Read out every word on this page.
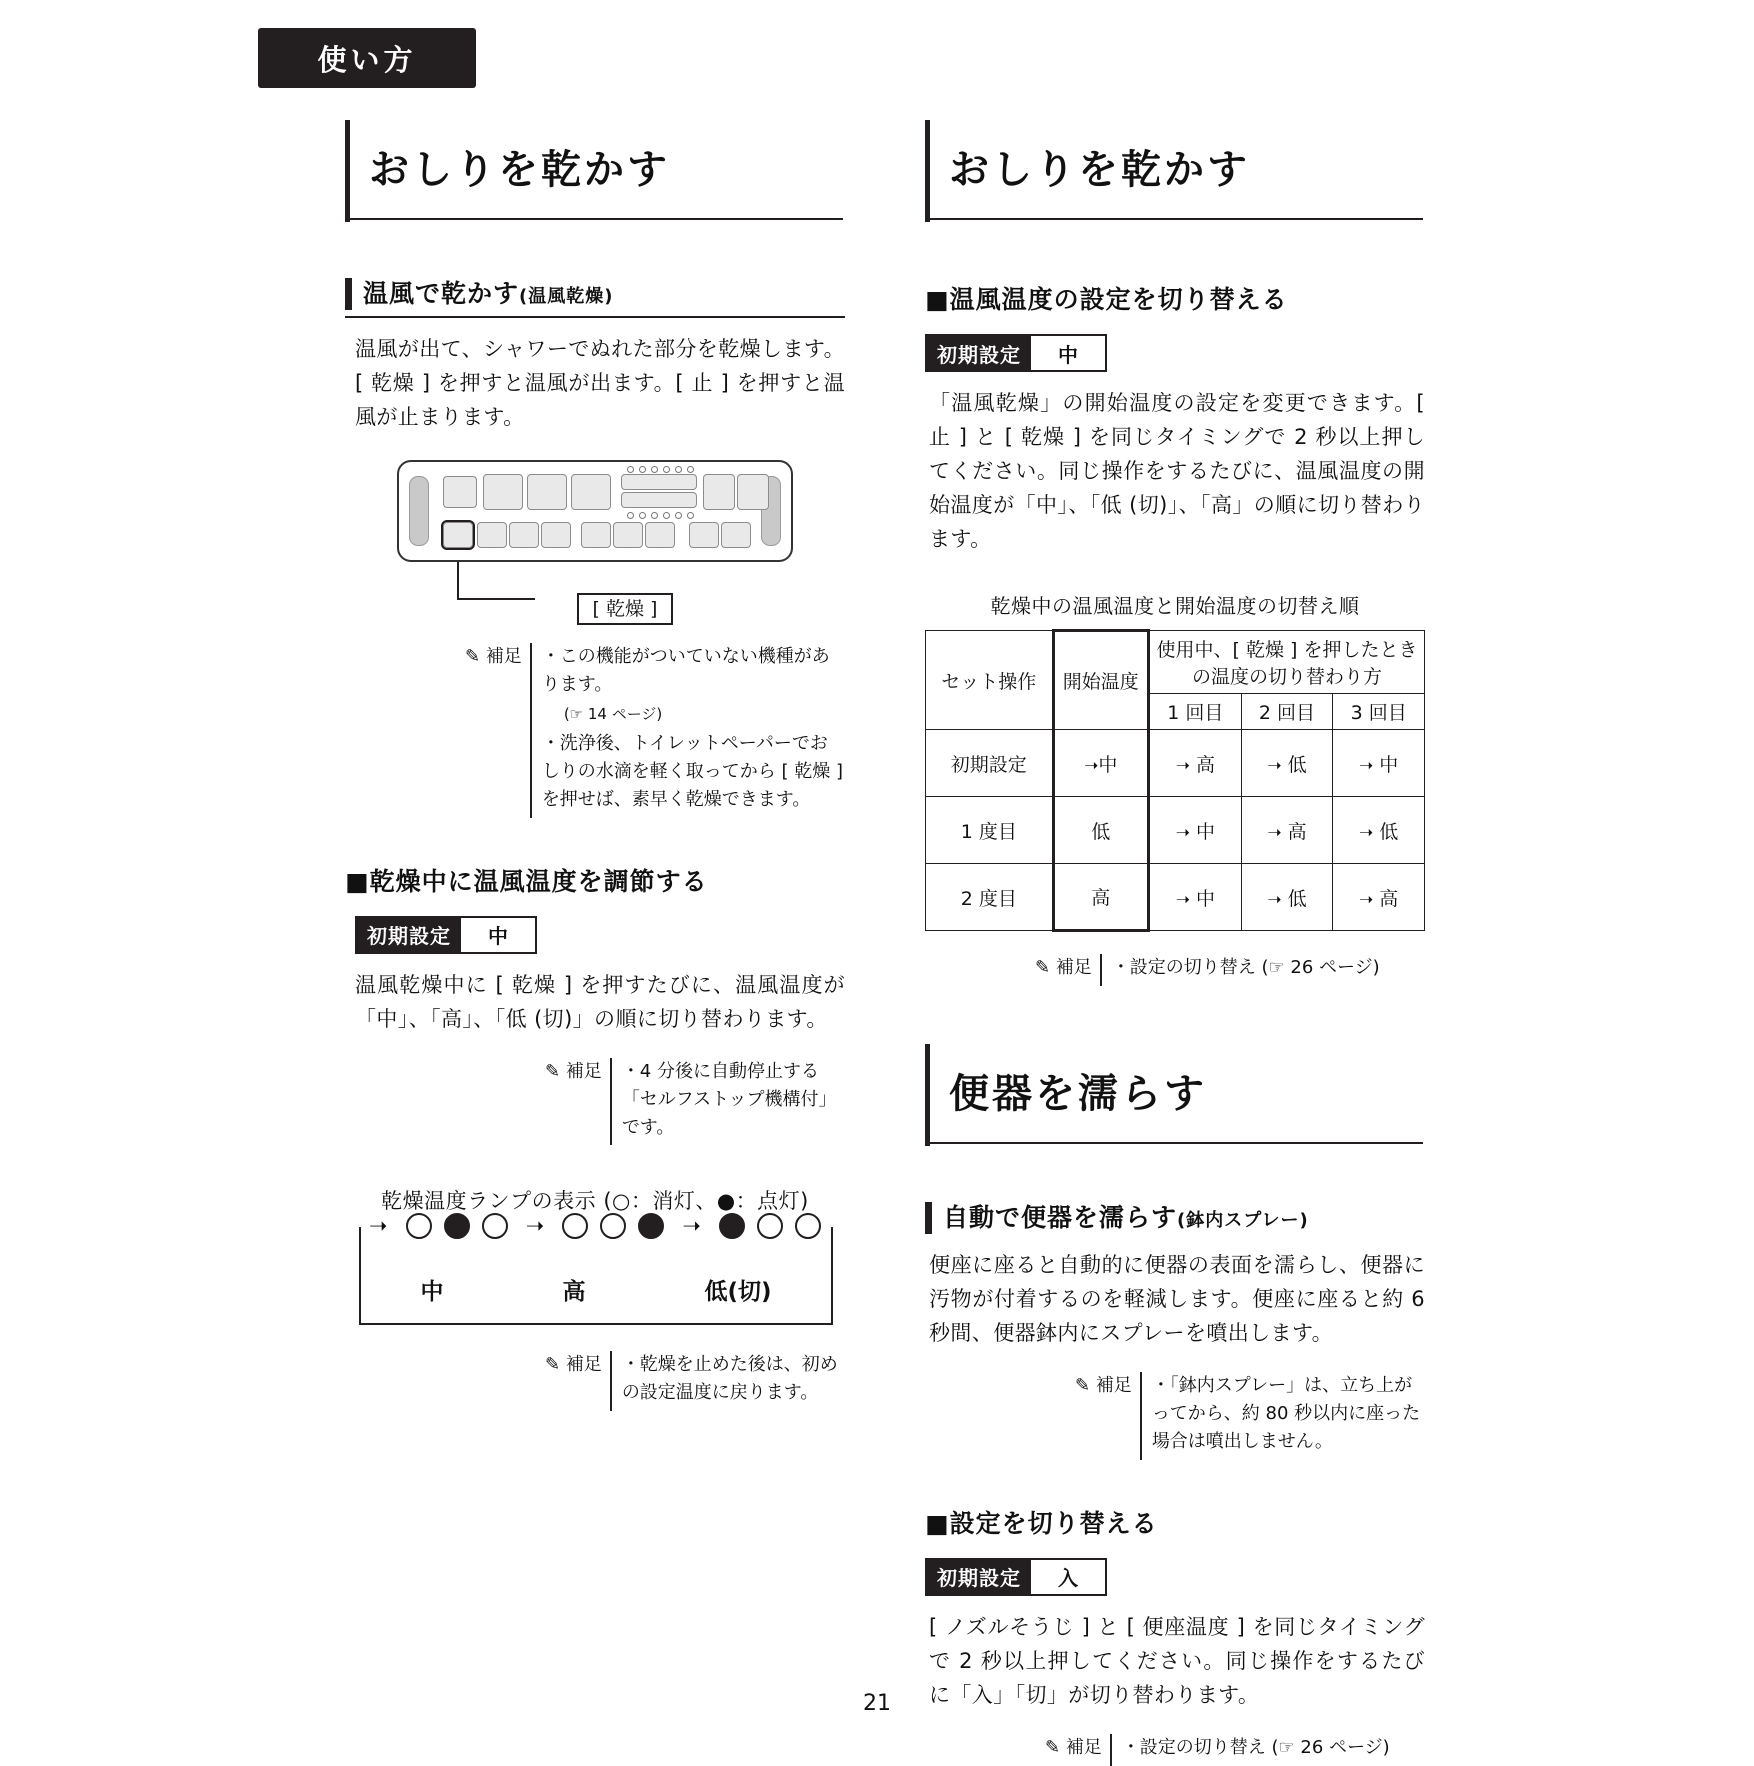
使い方
おしりを乾かす
温風で乾かす(温風乾燥)

温風が出て、シャワーでぬれた部分を乾燥します。[ 乾燥 ] を押すと温風が出ます。[ 止 ] を押すと温風が止まります。

[ 乾燥 ]
✎ 補足	・この機能がついていない機種があります。
(☞ 14 ページ)
・洗浄後、トイレットペーパーでおしりの水滴を軽く取ってから [ 乾燥 ] を押せば、素早く乾燥できます。
■乾燥中に温風温度を調節する
初期設定	中

温風乾燥中に [ 乾燥 ] を押すたびに、温風温度が「中」、「高」、「低 (切)」の順に切り替わります。

✎ 補足	・4 分後に自動停止する「セルフストップ機構付」です。
乾燥温度ランプの表示 (○：消灯、●：点灯)
➝	➝	➝
中	高	低(切)
✎ 補足	・乾燥を止めた後は、初めの設定温度に戻ります。
おしりを乾かす
■温風温度の設定を切り替える
初期設定	中

「温風乾燥」の開始温度の設定を変更できます。[ 止 ] と [ 乾燥 ] を同じタイミングで 2 秒以上押してください。同じ操作をするたびに、温風温度の開始温度が「中」、「低 (切)」、「高」の順に切り替わります。

乾燥中の温風温度と開始温度の切替え順
セット操作	開始温度	使用中、[ 乾燥 ] を押したときの温度の切り替わり方		
		1 回目	2 回目	3 回目
初期設定	➝中	➝ 高	➝ 低	➝ 中
1 度目	低	➝ 中	➝ 高	➝ 低
2 度目	高	➝ 中	➝ 低	➝ 高
✎ 補足	・設定の切り替え (☞ 26 ページ)
便器を濡らす
自動で便器を濡らす(鉢内スプレー)

便座に座ると自動的に便器の表面を濡らし、便器に汚物が付着するのを軽減します。便座に座ると約 6 秒間、便器鉢内にスプレーを噴出します。

✎ 補足	・「鉢内スプレー」は、立ち上がってから、約 80 秒以内に座った場合は噴出しません。
■設定を切り替える
初期設定	入

[ ノズルそうじ ] と [ 便座温度 ] を同じタイミングで 2 秒以上押してください。同じ操作をするたびに「入」「切」が切り替わります。

✎ 補足	・設定の切り替え (☞ 26 ページ)
21
